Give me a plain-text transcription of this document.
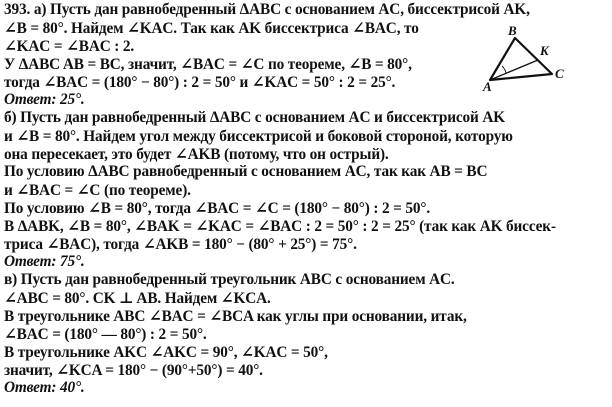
393. а) Пусть дан равнобедренный ΔABC с основанием AC, биссектрисой AK,
∠B = 80°. Найдем ∠KAC. Так как AK биссектриса ∠BAC, то
∠KAC = ∠BAC : 2.
У ΔABC AB = BC, значит, ∠BAC = ∠C по теореме, ∠B = 80°,
тогда ∠BAC = (180° − 80°) : 2 = 50° и ∠KAC = 50° : 2 = 25°.
Ответ: 25°.
б) Пусть дан равнобедренный ΔABC с основанием AC и биссектрисой AK
и ∠B = 80°. Найдем угол между биссектрисой и боковой стороной, которую
она пересекает, это будет ∠AKB (потому, что он острый).
По условию ΔABC равнобедренный с основанием AC, так как AB = BC
и ∠BAC = ∠C (по теореме).
По условию ∠B = 80°, тогда ∠BAC = ∠C = (180° − 80°) : 2 = 50°.
В ΔABK, ∠B = 80°, ∠BAK = ∠KAC = ∠BAC : 2 = 50° : 2 = 25° (так как AK биссек-
триса ∠BAC), тогда ∠AKB = 180° − (80° + 25°) = 75°.
Ответ: 75°.
в) Пусть дан равнобедренный треугольник ABC с основанием AC.
∠ABC = 80°. CK ⊥ AB. Найдем ∠KCA.
В треугольнике ABC ∠BAC = ∠BCA как углы при основании, итак,
∠BAC = (180° — 80°) : 2 = 50°.
В треугольнике AKC ∠AKC = 90°, ∠KAC = 50°,
значит, ∠KCA = 180° − (90°+50°) = 40°.
Ответ: 40°.
B
K
C
A
